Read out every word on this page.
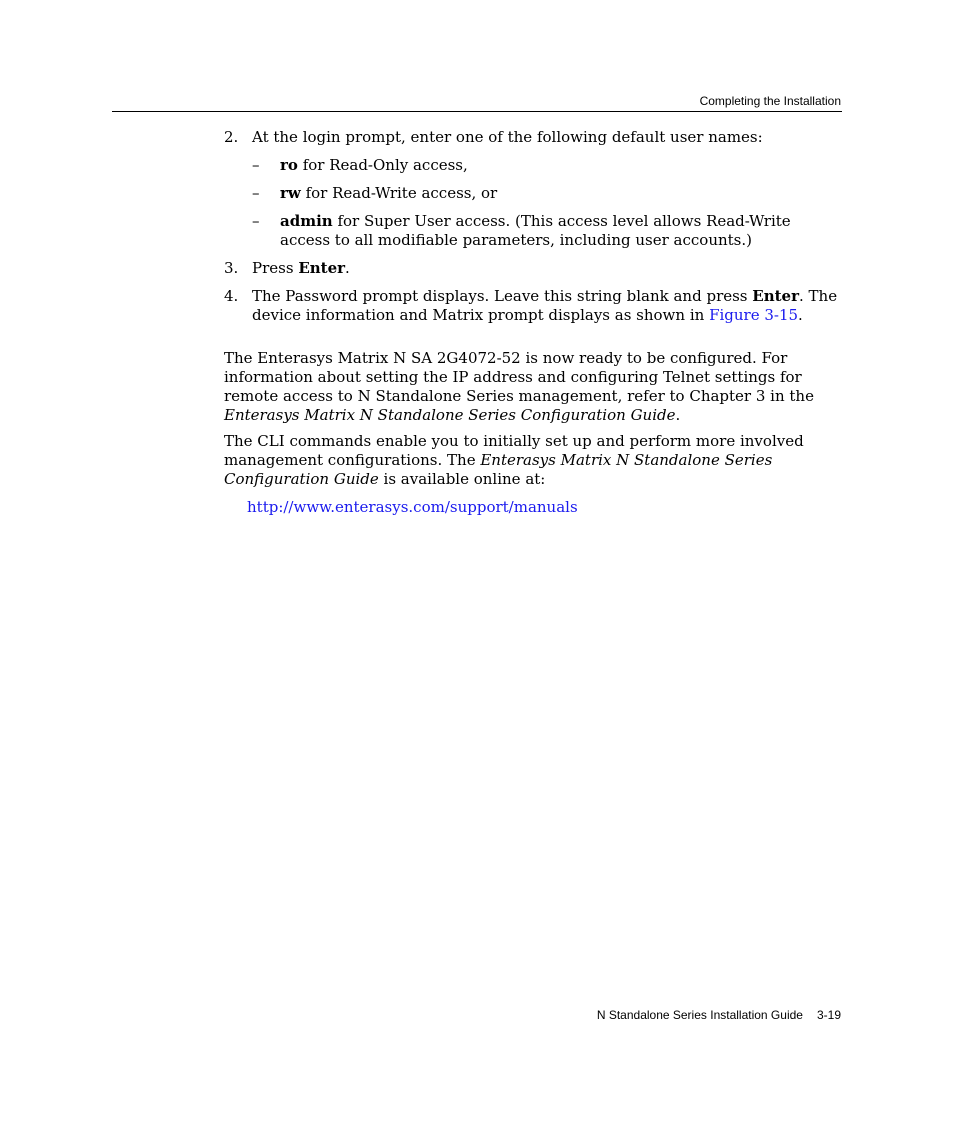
Completing the Installation
2. At the login prompt, enter one of the following default user names:
– ro for Read-Only access,
– rw for Read-Write access, or
– admin for Super User access. (This access level allows Read-Write access to all modifiable parameters, including user accounts.)
3. Press Enter.
4. The Password prompt displays. Leave this string blank and press Enter. The device information and Matrix prompt displays as shown in Figure 3-15.

The Enterasys Matrix N SA 2G4072-52 is now ready to be configured. For information about setting the IP address and configuring Telnet settings for remote access to N Standalone Series management, refer to Chapter 3 in the Enterasys Matrix N Standalone Series Configuration Guide.

The CLI commands enable you to initially set up and perform more involved management configurations. The Enterasys Matrix N Standalone Series Configuration Guide is available online at:

http://www.enterasys.com/support/manuals
N Standalone Series Installation Guide 3-19
